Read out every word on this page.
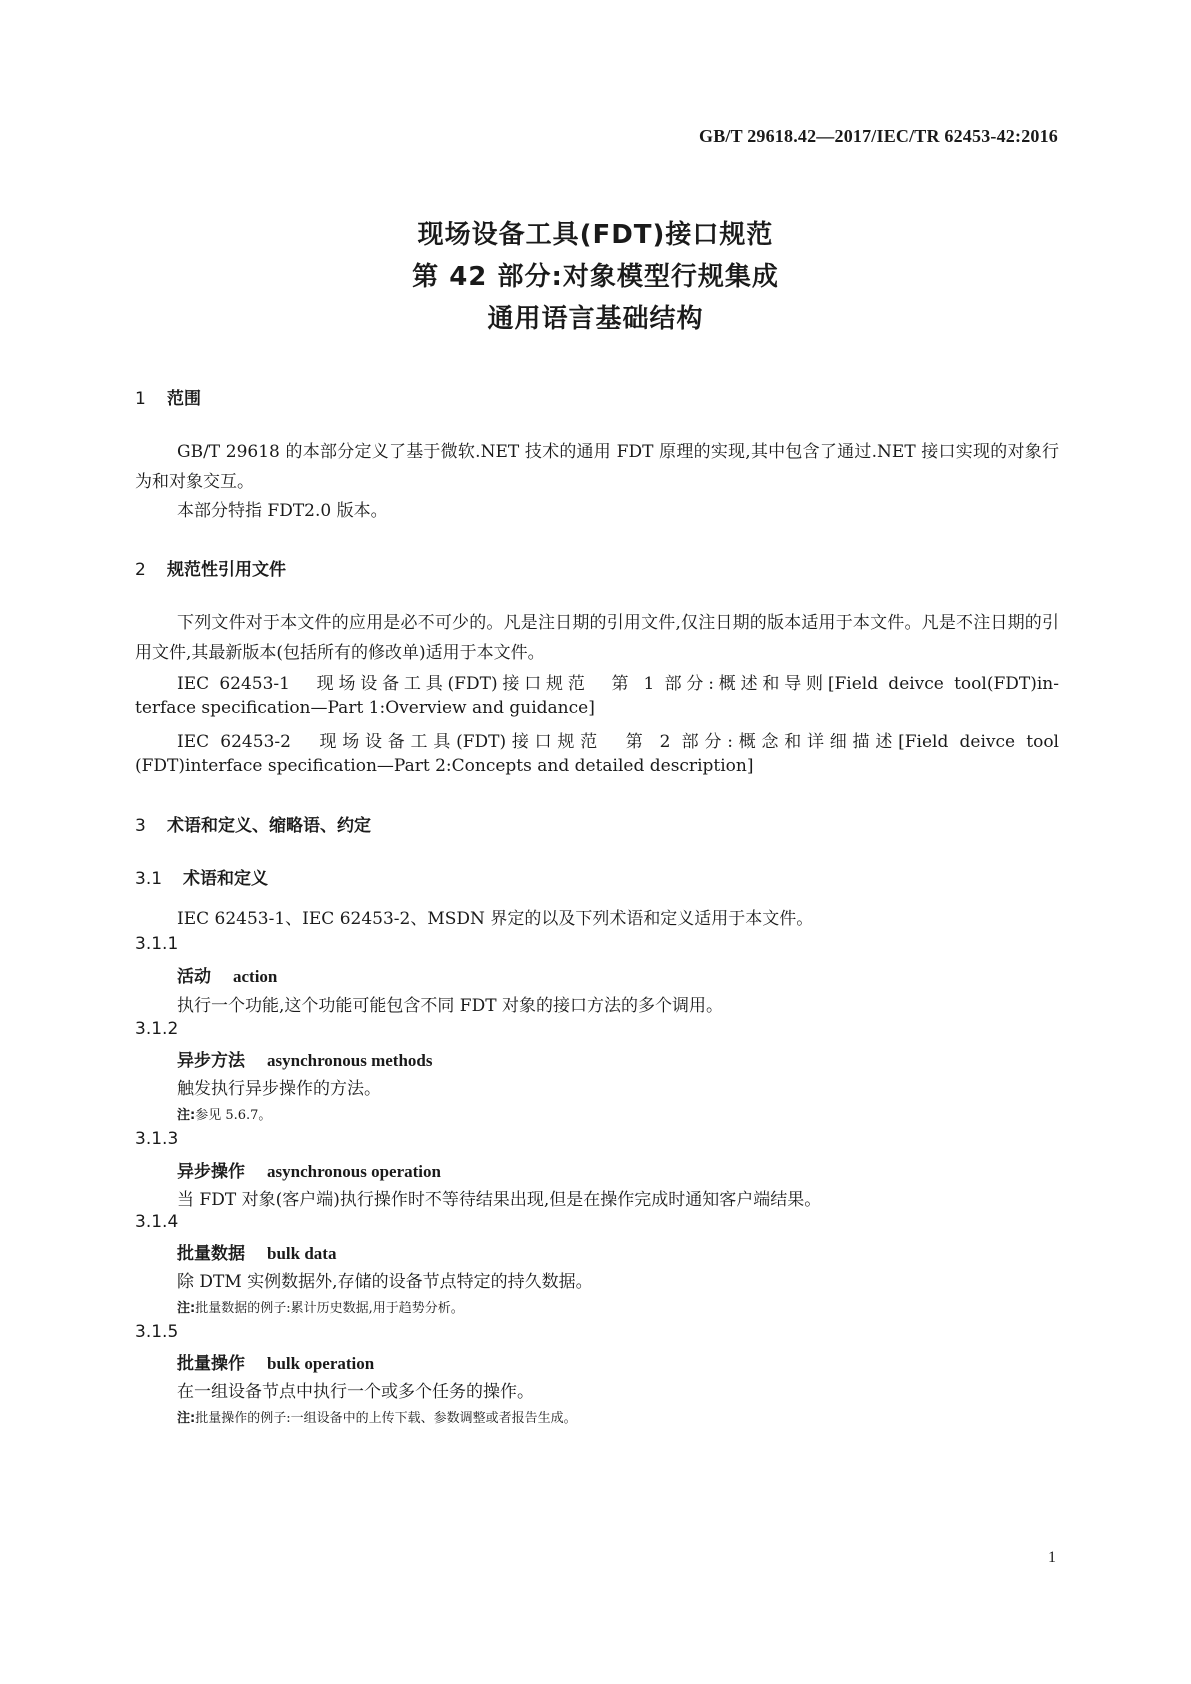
GB/T 29618.42—2017/IEC/TR 62453-42:2016
现场设备工具(FDT)接口规范
第 42 部分:对象模型行规集成
通用语言基础结构
1 范围
GB/T 29618 的本部分定义了基于微软.NET 技术的通用 FDT 原理的实现,其中包含了通过.NET 接口实现的对象行为和对象交互。
本部分特指 FDT2.0 版本。
2 规范性引用文件
下列文件对于本文件的应用是必不可少的。凡是注日期的引用文件,仅注日期的版本适用于本文件。凡是不注日期的引用文件,其最新版本(包括所有的修改单)适用于本文件。
IEC 62453-1　现场设备工具(FDT)接口规范　第 1 部分:概述和导则[Field deivce tool(FDT)in-
terface specification—Part 1:Overview and guidance]
IEC 62453-2　现场设备工具(FDT)接口规范　第 2 部分:概念和详细描述[Field deivce tool
(FDT)interface specification—Part 2:Concepts and detailed description]
3 术语和定义、缩略语、约定
3.1 术语和定义
IEC 62453-1、IEC 62453-2、MSDN 界定的以及下列术语和定义适用于本文件。
3.1.1
活动 action
执行一个功能,这个功能可能包含不同 FDT 对象的接口方法的多个调用。
3.1.2
异步方法 asynchronous methods
触发执行异步操作的方法。
注:参见 5.6.7。
3.1.3
异步操作 asynchronous operation
当 FDT 对象(客户端)执行操作时不等待结果出现,但是在操作完成时通知客户端结果。
3.1.4
批量数据 bulk data
除 DTM 实例数据外,存储的设备节点特定的持久数据。
注:批量数据的例子:累计历史数据,用于趋势分析。
3.1.5
批量操作 bulk operation
在一组设备节点中执行一个或多个任务的操作。
注:批量操作的例子:一组设备中的上传下载、参数调整或者报告生成。
1
